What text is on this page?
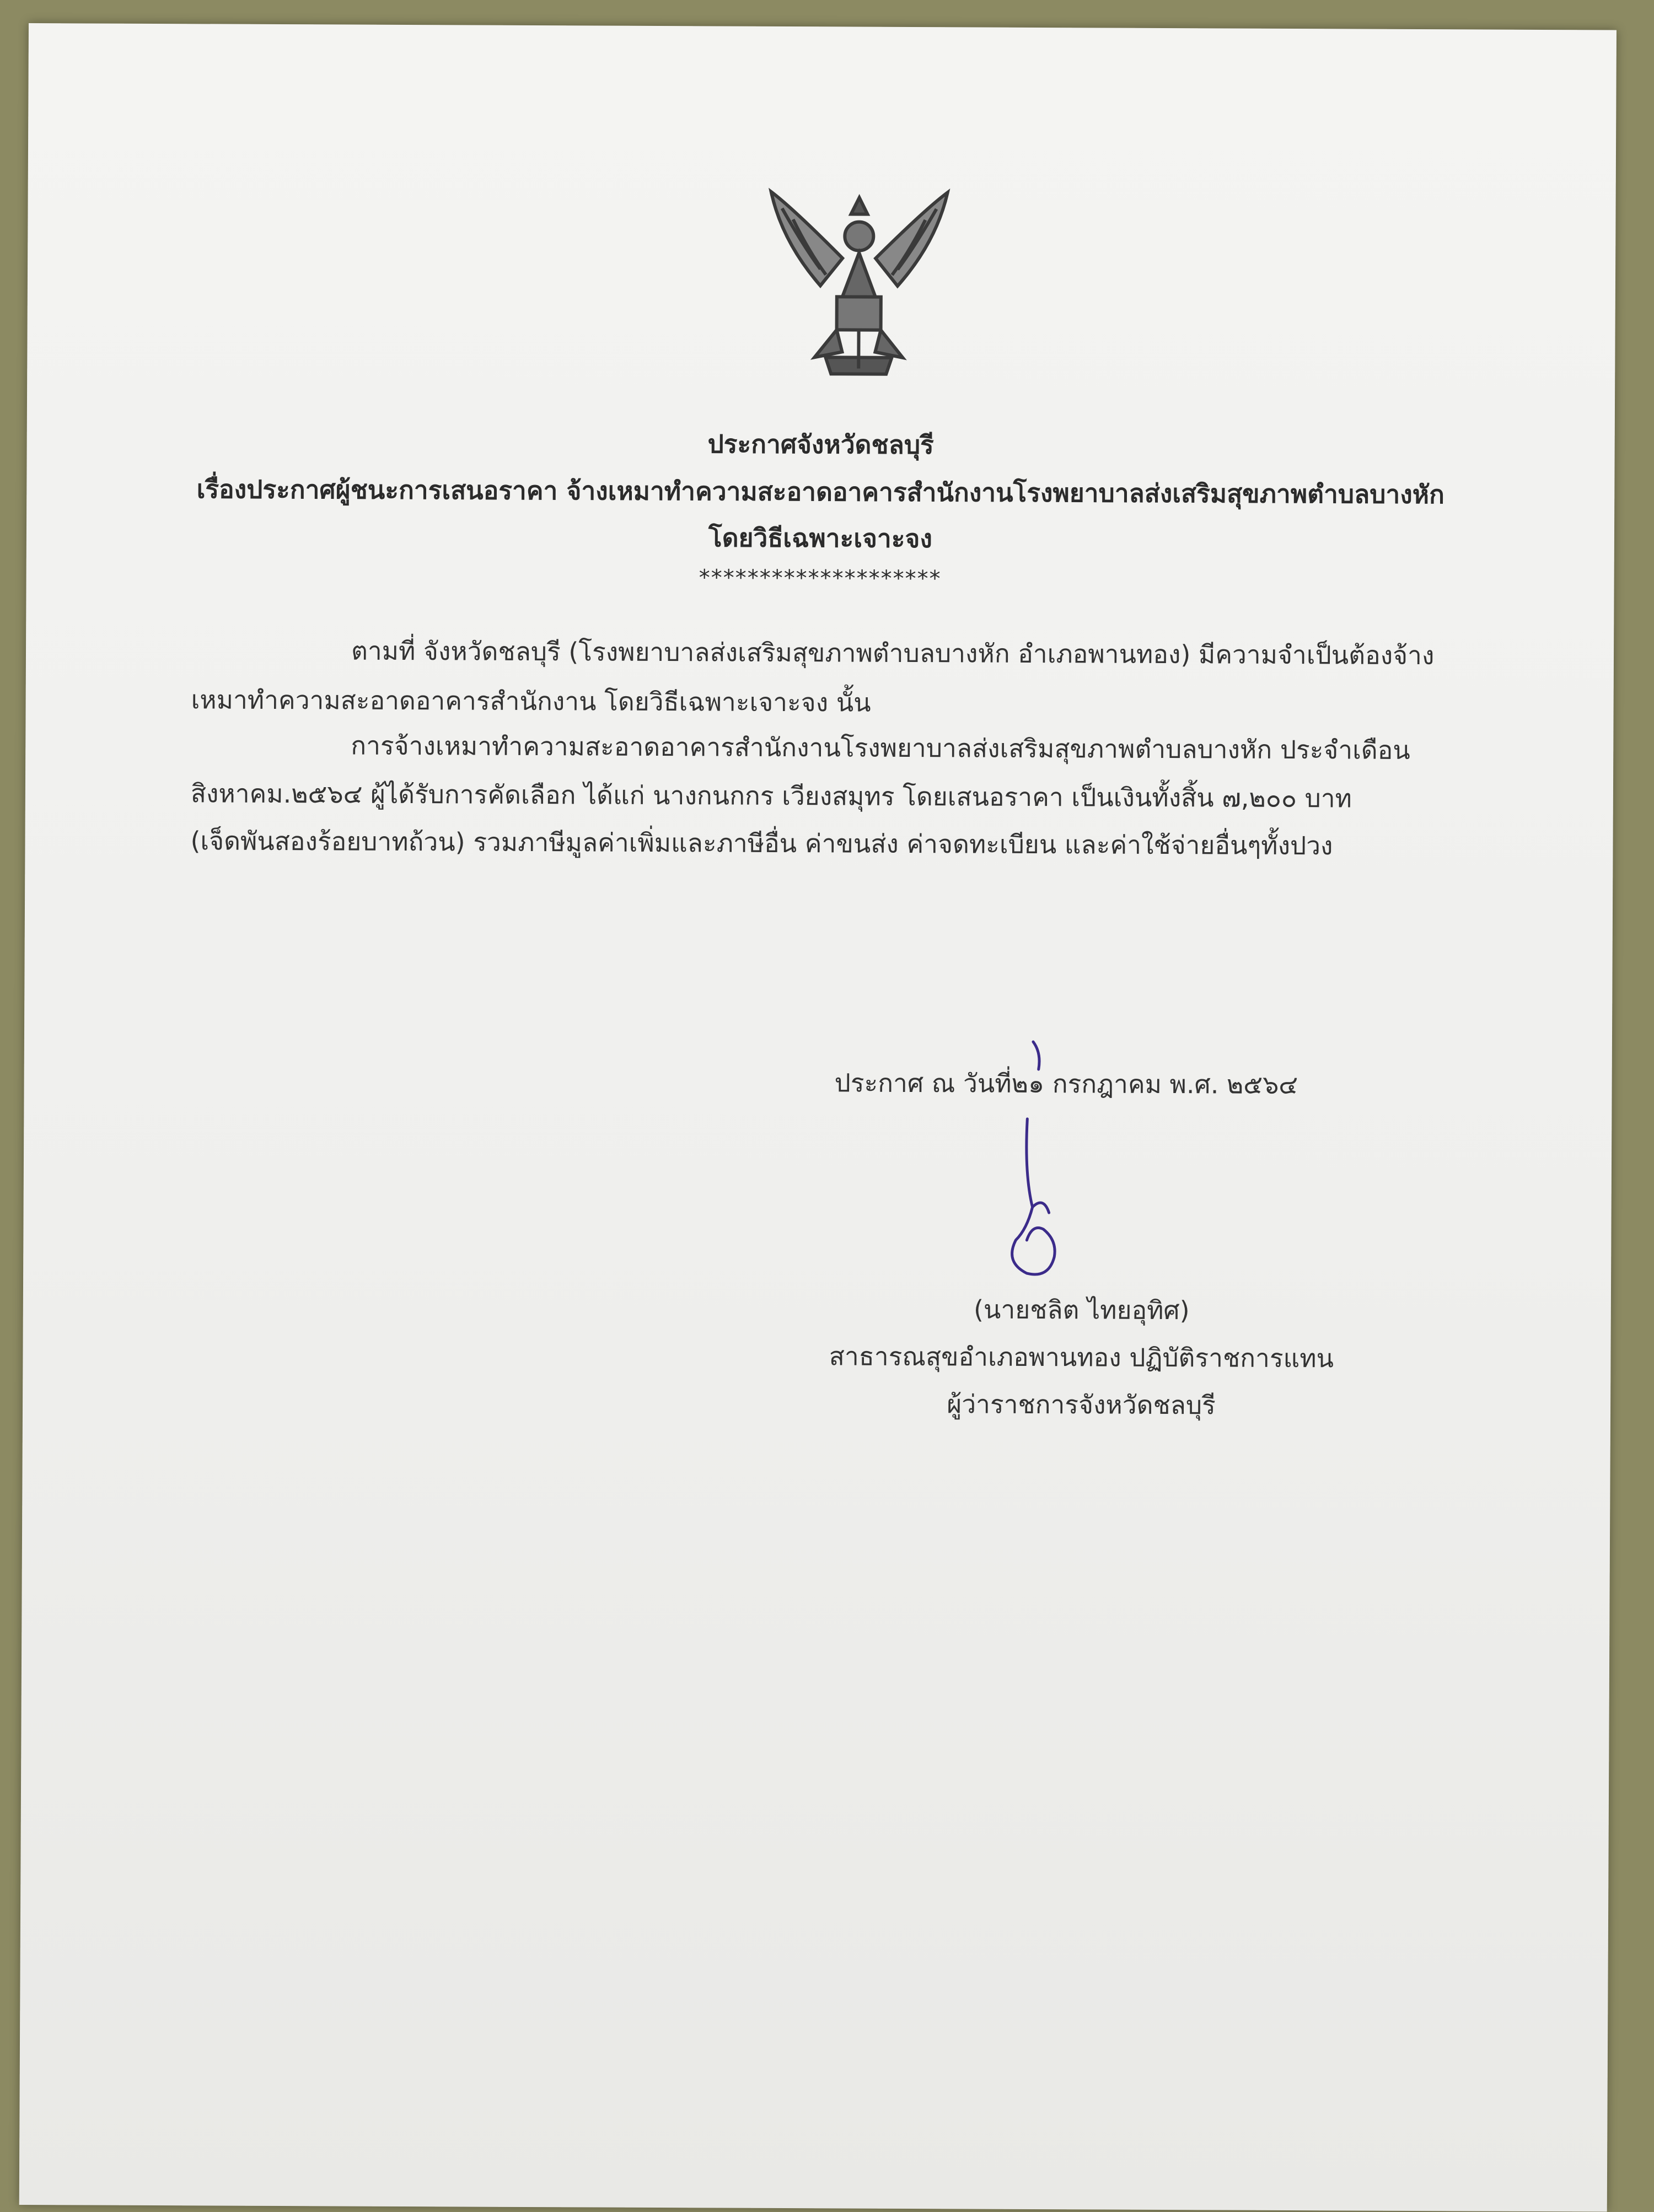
ประกาศจังหวัดชลบุรี
เรื่องประกาศผู้ชนะการเสนอราคา จ้างเหมาทำความสะอาดอาคารสำนักงานโรงพยาบาลส่งเสริมสุขภาพตำบลบางหัก
โดยวิธีเฉพาะเจาะจง
********************
ตามที่ จังหวัดชลบุรี (โรงพยาบาลส่งเสริมสุขภาพตำบลบางหัก อำเภอพานทอง) มีความจำเป็นต้องจ้าง
เหมาทำความสะอาดอาคารสำนักงาน โดยวิธีเฉพาะเจาะจง นั้น
การจ้างเหมาทำความสะอาดอาคารสำนักงานโรงพยาบาลส่งเสริมสุขภาพตำบลบางหัก ประจำเดือน
สิงหาคม.๒๕๖๔ ผู้ได้รับการคัดเลือก ได้แก่ นางกนกกร เวียงสมุทร โดยเสนอราคา เป็นเงินทั้งสิ้น ๗,๒๐๐ บาท
(เจ็ดพันสองร้อยบาทถ้วน) รวมภาษีมูลค่าเพิ่มและภาษีอื่น ค่าขนส่ง ค่าจดทะเบียน และค่าใช้จ่ายอื่นๆทั้งปวง
ประกาศ ณ วันที่๒๑ กรกฎาคม พ.ศ. ๒๕๖๔
(นายชลิต ไทยอุทิศ)
สาธารณสุขอำเภอพานทอง ปฏิบัติราชการแทน
ผู้ว่าราชการจังหวัดชลบุรี
